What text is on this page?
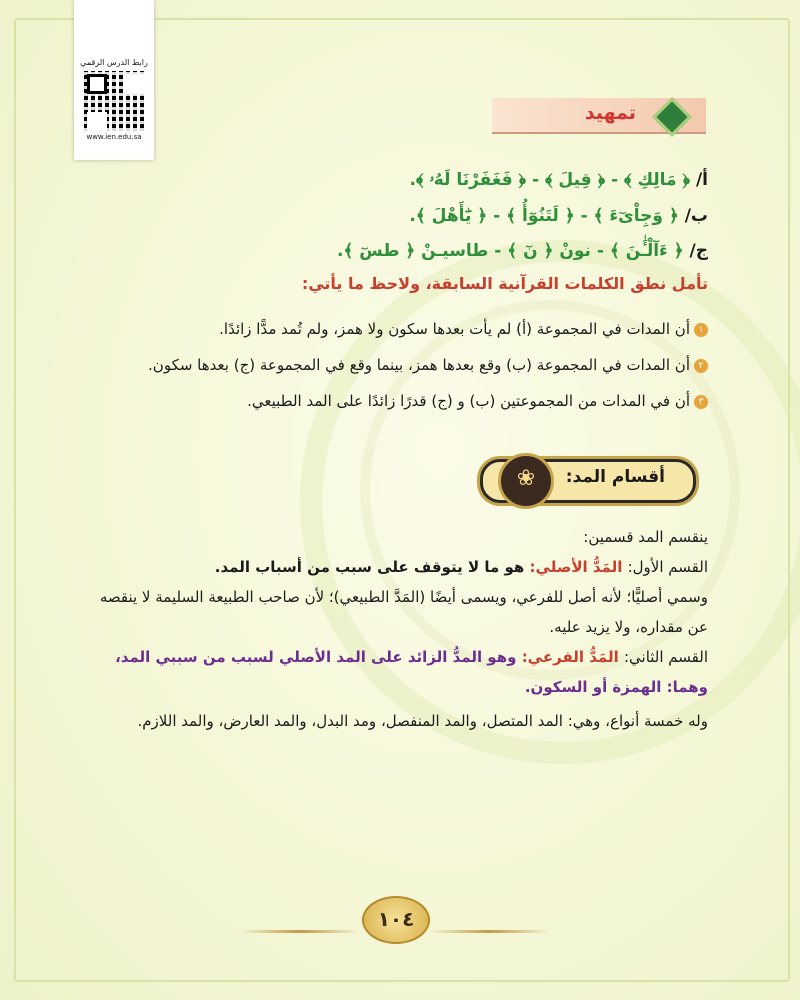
رابط الدرس الرقمي
www.ien.edu.sa
تمهيد
أ/ ﴿ مَالِكِ ﴾ - ﴿ قِيلَ ﴾ - ﴿ فَغَفَرْنَا لَهُۥ ﴾.
ب/ ﴿ وَجِاْىٓءَ ﴾ - ﴿ لَتَنُوٓأُ ﴾ - ﴿ يَٰٓأَهْلَ ﴾.
ج/ ﴿ ءَآلْـَٰٔنَ ﴾ - نونْ ﴿ نٓ ﴾ - طاسيـنْ ﴿ طسٓ ﴾.
تأمل نطق الكلمات القرآنية السابقة، ولاحظ ما يأتي:

١أن المدات في المجموعة (أ) لم يأت بعدها سكون ولا همز، ولم تُمد مدًّا زائدًا.

٢أن المدات في المجموعة (ب) وقع بعدها همز، بينما وقع في المجموعة (ج) بعدها سكون.

٣أن في المدات من المجموعتين (ب) و (ج) قدرًا زائدًا على المد الطبيعي.

أقسام المد:
❀

ينقسم المد قسمين:

القسم الأول: المَدُّ الأصلي: هو ما لا يتوقف على سبب من أسباب المد.

وسمي أصليًّا؛ لأنه أصل للفرعي، ويسمى أيضًا (المَدَّ الطبيعي)؛ لأن صاحب الطبيعة السليمة لا ينقصه عن مقداره، ولا يزيد عليه.

القسم الثاني: المَدُّ الفرعي: وهو المدُّ الزائد على المد الأصلي لسبب من سببي المد، وهما: الهمزة أو السكون.

وله خمسة أنواع، وهي: المد المتصل، والمد المنفصل، ومد البدل، والمد العارض، والمد اللازم.

١٠٤
